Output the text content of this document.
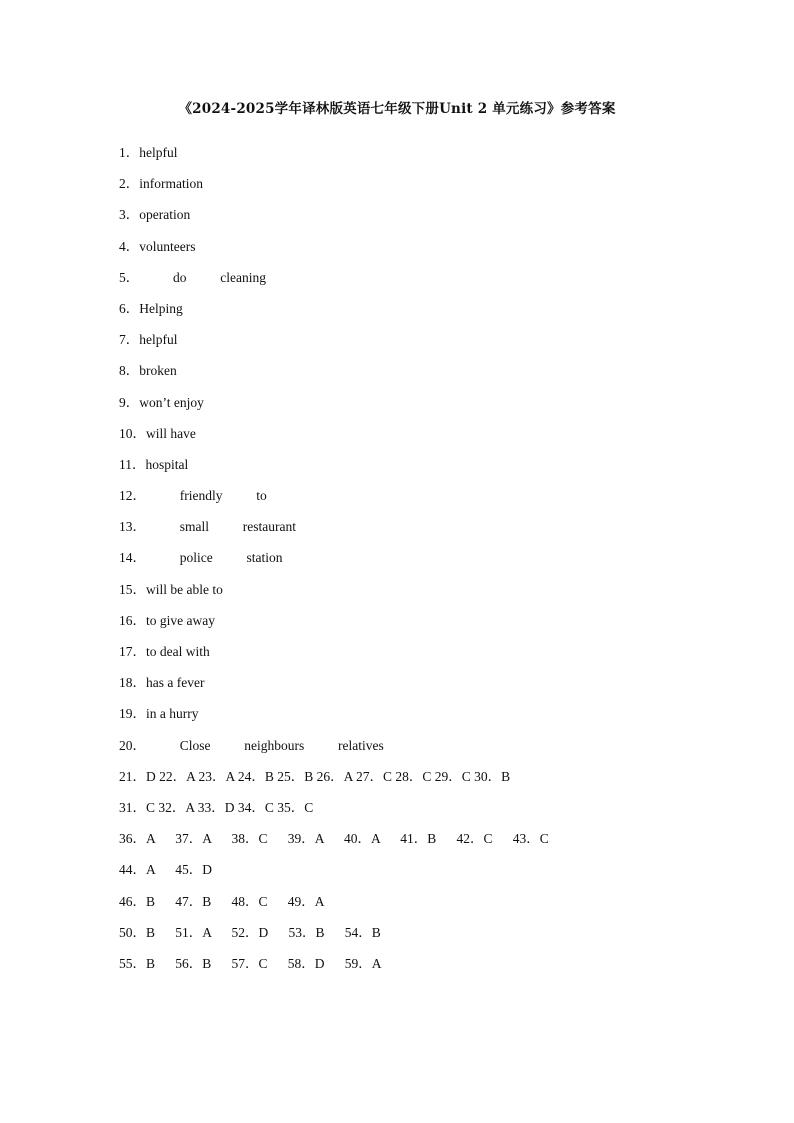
《2024-2025学年译林版英语七年级下册Unit 2 单元练习》参考答案
1．helpful
2．information
3．operation
4．volunteers
5．          do          cleaning
6．Helping
7．helpful
8．broken
9．won’t enjoy
10．will have
11．hospital
12．          friendly          to
13．          small          restaurant
14．          police          station
15．will be able to
16．to give away
17．to deal with
18．has a fever
19．in a hurry
20．          Close          neighbours          relatives
21．D 22．A 23．A 24．B 25．B 26．A 27．C 28．C 29．C 30．B
31．C 32．A 33．D 34．C 35．C
36．A      37．A      38．C      39．A      40．A      41．B      42．C      43．C
44．A      45．D
46．B      47．B      48．C      49．A
50．B      51．A      52．D      53．B      54．B
55．B      56．B      57．C      58．D      59．A
